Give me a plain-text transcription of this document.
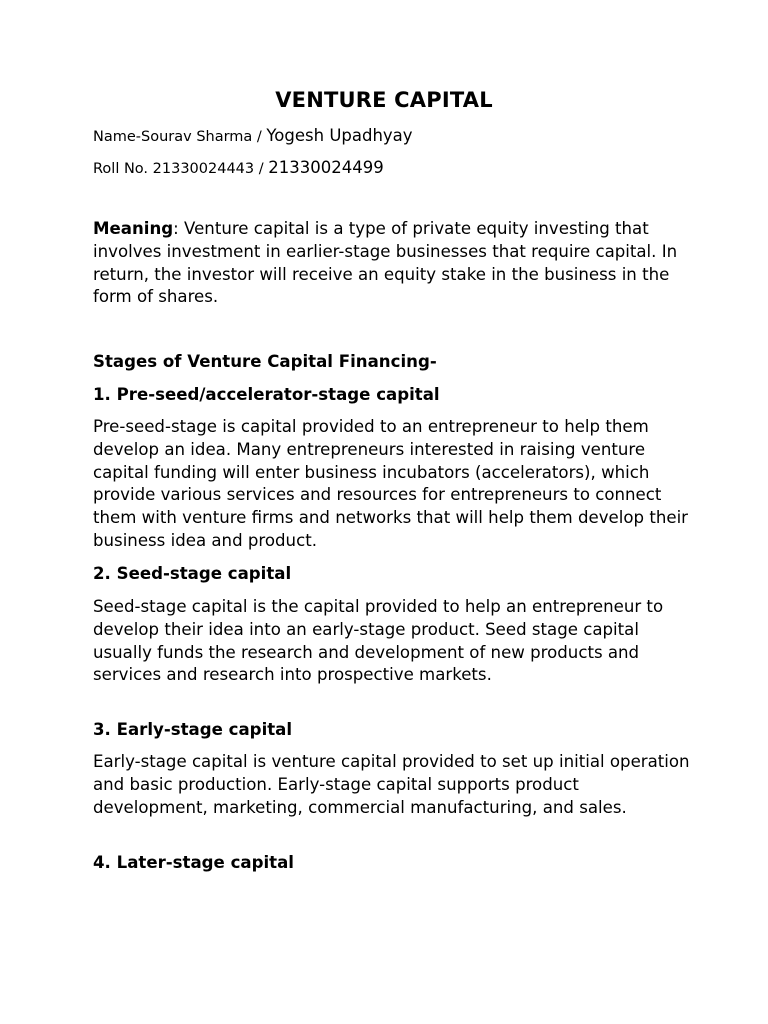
VENTURE CAPITAL
Name-Sourav Sharma / Yogesh Upadhyay
Roll No. 21330024443 / 21330024499

Meaning: Venture capital is a type of private equity investing that involves investment in earlier-stage businesses that require capital. In return, the investor will receive an equity stake in the business in the form of shares.

Stages of Venture Capital Financing-
1. Pre-seed/accelerator-stage capital

Pre-seed-stage is capital provided to an entrepreneur to help them develop an idea. Many entrepreneurs interested in raising venture capital funding will enter business incubators (accelerators), which provide various services and resources for entrepreneurs to connect them with venture firms and networks that will help them develop their business idea and product.

2. Seed-stage capital

Seed-stage capital is the capital provided to help an entrepreneur to develop their idea into an early-stage product. Seed stage capital usually funds the research and development of new products and services and research into prospective markets.

3. Early-stage capital

Early-stage capital is venture capital provided to set up initial operation and basic production. Early-stage capital supports product development, marketing, commercial manufacturing, and sales.

4. Later-stage capital
